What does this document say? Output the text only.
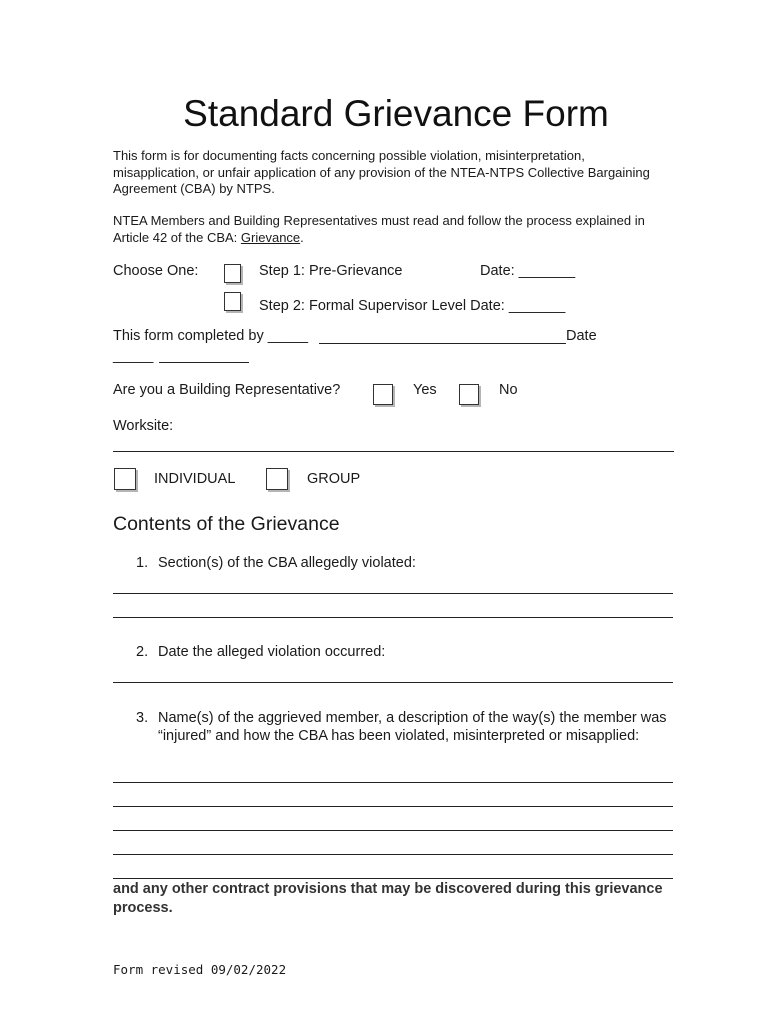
Standard Grievance Form
This form is for documenting facts concerning possible violation, misinterpretation, misapplication, or unfair application of any provision of the NTEA-NTPS Collective Bargaining Agreement (CBA) by NTPS.
NTEA Members and Building Representatives must read and follow the process explained in Article 42 of the CBA: Grievance.
Choose One:	Step 1: Pre-Grievance	Date: _______
Step 2: Formal Supervisor Level Date: _______
This form completed by _____	Date
_____
Are you a Building Representative?	Yes	No
Worksite:
INDIVIDUAL	GROUP
Contents of the Grievance
1. Section(s) of the CBA allegedly violated:
2. Date the alleged violation occurred:
3. Name(s) of the aggrieved member, a description of the way(s) the member was “injured” and how the CBA has been violated, misinterpreted or misapplied:
and any other contract provisions that may be discovered during this grievance process.
Form revised 09/02/2022
